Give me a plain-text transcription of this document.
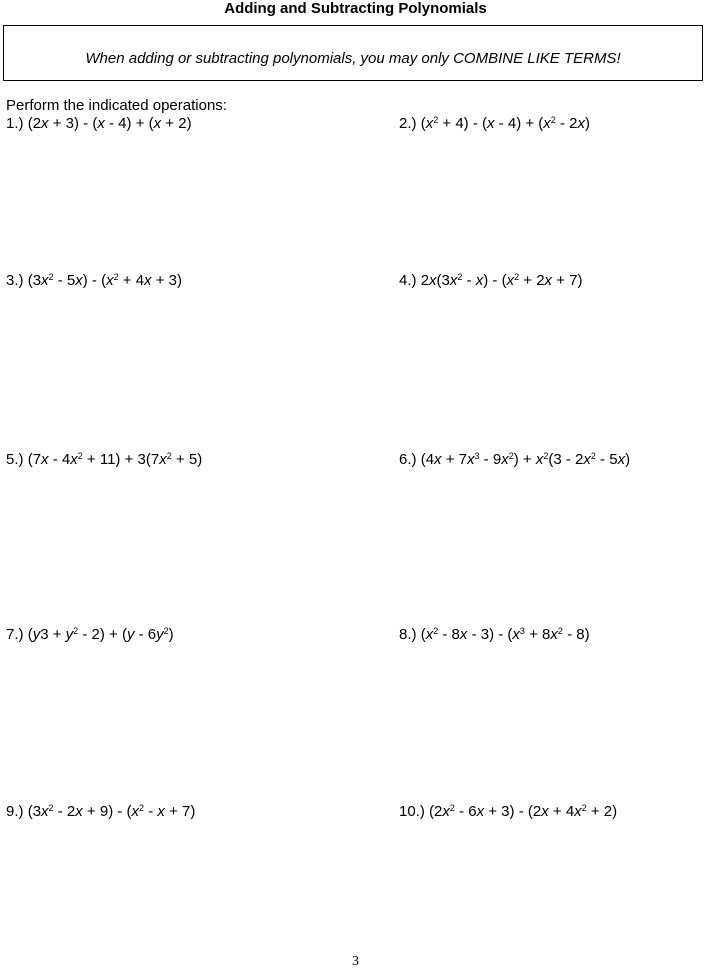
Adding and Subtracting Polynomials
When adding or subtracting polynomials, you may only COMBINE LIKE TERMS!
Perform the indicated operations:
1.) (2x + 3) - (x - 4) + (x + 2)	2.) $(x^2 + 4) - (x - 4) + (x^2 - 2x)$
3.) $(3x^2 - 5x) - (x^2 + 4x + 3)$	4.) $2x(3x^2 - x) - (x^2 + 2x + 7)$
5.) $(7x - 4x^2 + 11) + 3(7x^2 + 5)$	6.) $(4x + 7x^3 - 9x^2) + x^2(3 - 2x^2 - 5x)$
7.) $(y3 + y^2 - 2) + (y - 6y^2)$	8.) $(x^2 - 8x - 3) - (x^3 + 8x^2 - 8)$
9.) $(3x^2 - 2x + 9) - (x^2 - x + 7)$	10.) $(2x^2 - 6x + 3) - (2x + 4x^2 + 2)$
3
